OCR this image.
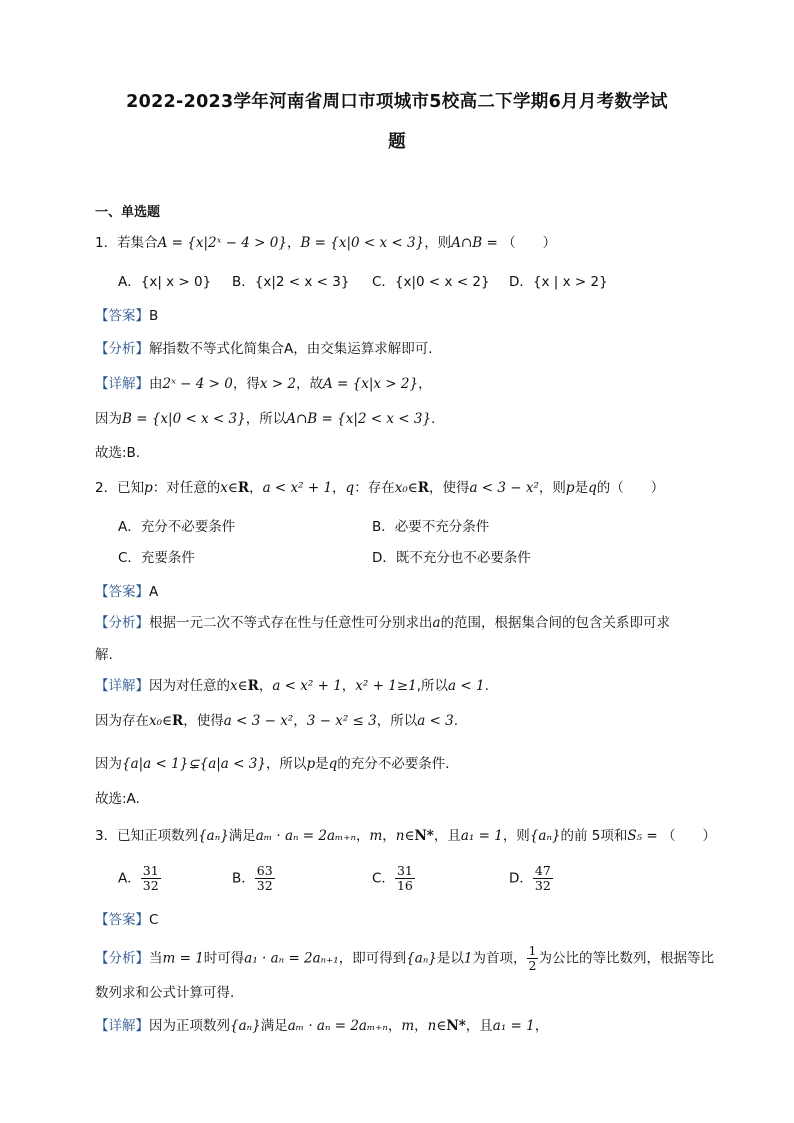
2022-2023学年河南省周口市项城市5校高二下学期6月月考数学试
题
一、单选题
1．若集合A = {x|2ˣ − 4 > 0}，B = {x|0 < x < 3}，则A∩B = （　　）
A．{x| x > 0} B．{x|2 < x < 3} C．{x|0 < x < 2} D．{x | x > 2}
【答案】B
【分析】解指数不等式化简集合A，由交集运算求解即可.
【详解】由2ˣ − 4 > 0，得x > 2，故A = {x|x > 2}，
因为B = {x|0 < x < 3}，所以A∩B = {x|2 < x < 3}.
故选:B.
2．已知p：对任意的x∈R，a < x² + 1，q：存在x₀∈R，使得a < 3 − x²，则p是q的（　　）
A．充分不必要条件	B．必要不充分条件
C．充要条件	D．既不充分也不必要条件
【答案】A
【分析】根据一元二次不等式存在性与任意性可分别求出a的范围，根据集合间的包含关系即可求
解.
【详解】因为对任意的x∈R，a < x² + 1，x² + 1≥1,所以a < 1.
因为存在x₀∈R，使得a < 3 − x²，3 − x² ≤ 3，所以a < 3.
因为{a|a < 1}⊊{a|a < 3}，所以p是q的充分不必要条件.
故选:A.
3．已知正项数列{aₙ}满足aₘ · aₙ = 2aₘ₊ₙ，m，n∈N*，且a₁ = 1，则{aₙ}的前 5项和S₅ = （　　）
A． $\frac{31}{32}$	B． $\frac{63}{32}$	C． $\frac{31}{16}$	D． $\frac{47}{32}$
【答案】C
【分析】当m = 1时可得a₁ · aₙ = 2aₙ₊₁，即可得到{aₙ}是以1为首项， $\frac{1}{2}$ 为公比的等比数列，根据等比
数列求和公式计算可得.
【详解】因为正项数列{aₙ}满足aₘ · aₙ = 2aₘ₊ₙ，m，n∈N*，且a₁ = 1，
